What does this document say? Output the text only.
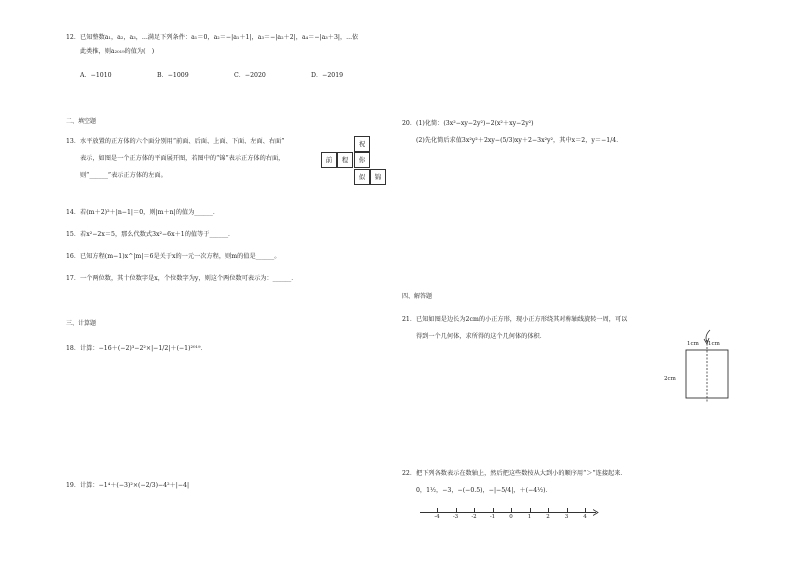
12．已知整数a₁，a₂，a₃，...满足下列条件：a₁＝0，a₂＝−|a₁＋1|，a₃＝−|a₂＋2|，a₄＝−|a₃＋3|，...依
此类推，则a₂₀₁₉的值为(　)
A．−1010	B．−1009	C．−2020	D．−2019
二、填空题
13．水平放置的正方体的六个面分别用“前面、后面、上面、下面、左面、右面”
表示，如图是一个正方体的平面展开图，若图中的“锦”表示正方体的右面，
则“______”表示正方体的左面。
祝
前	程	你
似	锦
14．若(m＋2)²＋|n−1|＝0，则|m＋n|的值为______．
15．若x²−2x＝5，那么代数式3x²−6x＋1的值等于______．
16．已知方程(m−1)x^|m|＝6是关于x的一元一次方程，则m的值是______。
17．一个两位数，其十位数字是x，个位数字为y，则这个两位数可表示为：______．
三、计算题
18．计算：−16＋(−2)³−2²×|−1/2|＋(−1)²⁰¹⁹．
19．计算：−1⁴＋(−3)²×(−2/3)−4²＋|−4|
20．(1)化简：(3x²−xy−2y²)−2(x²＋xy−2y²)
(2)先化简后求值3x²y²＋2xy−(5/3)xy＋2−3x²y²，其中x＝2，y＝−1/4．
四、解答题
21．已知如图是边长为2cm的小正方形，现小正方形绕其对称轴线旋转一周，可以
得到一个几何体，求所得的这个几何体的体积．
1cm 1cm
2cm
22．把下列各数表示在数轴上，然后把这些数按从大到小的顺序用“＞”连接起来．
0，1½，−3，−(−0.5)，−|−5/4|，＋(−4½)．
-4 -3 -2 -1	0	1	2	3	4
